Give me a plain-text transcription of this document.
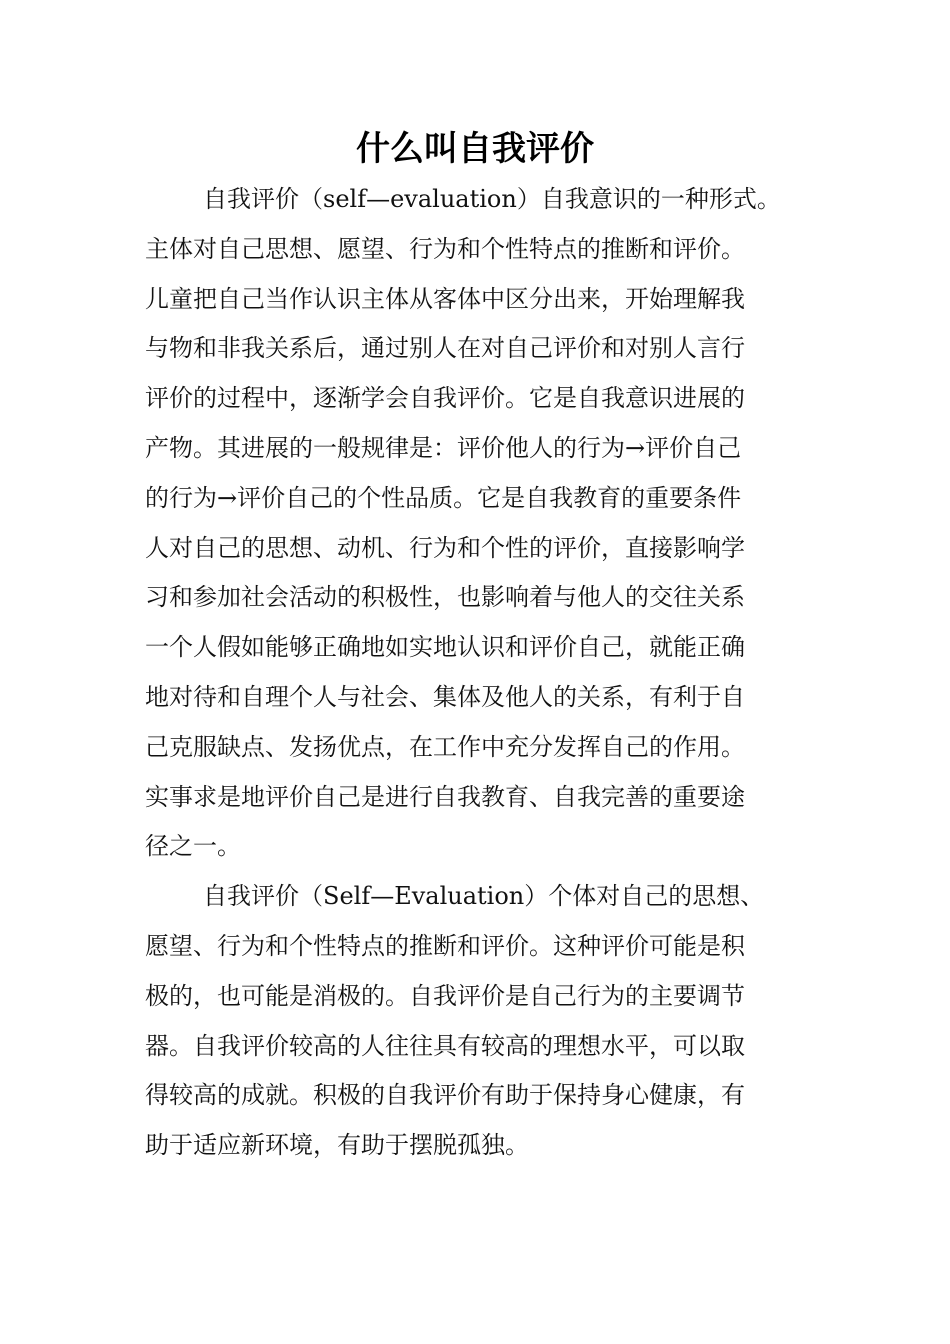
什么叫自我评价
自我评价（self—evaluation）自我意识的一种形式。
主体对自己思想、愿望、行为和个性特点的推断和评价。
儿童把自己当作认识主体从客体中区分出来，开始理解我
与物和非我关系后，通过别人在对自己评价和对别人言行
评价的过程中，逐渐学会自我评价。它是自我意识进展的
产物。其进展的一般规律是：评价他人的行为→评价自己
的行为→评价自己的个性品质。它是自我教育的重要条件
人对自己的思想、动机、行为和个性的评价，直接影响学
习和参加社会活动的积极性，也影响着与他人的交往关系
一个人假如能够正确地如实地认识和评价自己，就能正确
地对待和自理个人与社会、集体及他人的关系，有利于自
己克服缺点、发扬优点，在工作中充分发挥自己的作用。
实事求是地评价自己是进行自我教育、自我完善的重要途
径之一。
自我评价（Self—Evaluation）个体对自己的思想、
愿望、行为和个性特点的推断和评价。这种评价可能是积
极的，也可能是消极的。自我评价是自己行为的主要调节
器。自我评价较高的人往往具有较高的理想水平，可以取
得较高的成就。积极的自我评价有助于保持身心健康，有
助于适应新环境，有助于摆脱孤独。
